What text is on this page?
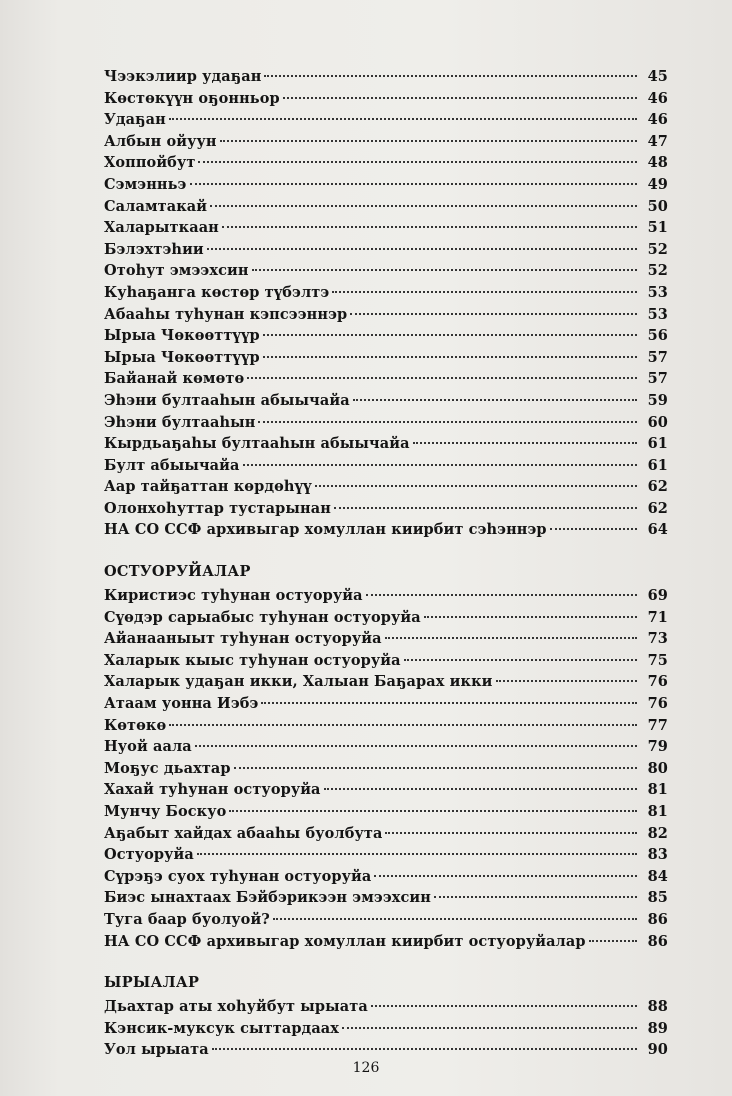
Чээкэлиир удаҕан	45
Көстөкүүн оҕонньор	46
Удаҕан	46
Албын ойуун	47
Хоппойбут	48
Сэмэнньэ	49
Саламтакай	50
Халарыткаан	51
Бэлэхтэһии	52
Отоһут эмээхсин	52
Куһаҕанга көстөр түбэлтэ	53
Абааһы туһунан кэпсээннэр	53
Ырыа Чөкөөттүүр	56
Ырыа Чөкөөттүүр	57
Байанай көмөтө	57
Эһэни бултааһын абыычайа	59
Эһэни бултааһын	60
Кырдьаҕаһы бултааһын абыычайа	61
Булт абыычайа	61
Аар тайҕаттан көрдөһүү	62
Олонхоһуттар тустарынан	62
НА СО ССФ архивыгар хомуллан киирбит сэһэннэр	64
ОСТУОРУЙАЛАР
Киристиэс туһунан остуоруйа	69
Сүөдэр сарыабыс туһунан остуоруйа	71
Айанааныыт туһунан остуоруйа	73
Халарык кыыс туһунан остуоруйа	75
Халарык удаҕан икки, Халыан Баҕарах икки	76
Атаам уонна Иэбэ	76
Көтөкө	77
Нуой аала	79
Моҕус дьахтар	80
Хахай туһунан остуоруйа	81
Мунчу Боскуо	81
Аҕабыт хайдах абааһы буолбута	82
Остуоруйа	83
Сүрэҕэ суох туһунан остуоруйа	84
Биэс ынахтаах Бэйбэрикээн эмээхсин	85
Туга баар буолуой?	86
НА СО ССФ архивыгар хомуллан киирбит остуоруйалар	86
ЫРЫАЛАР
Дьахтар аты хоһуйбут ырыата	88
Кэнсик-муксук сыттардаах	89
Уол ырыата	90
126
